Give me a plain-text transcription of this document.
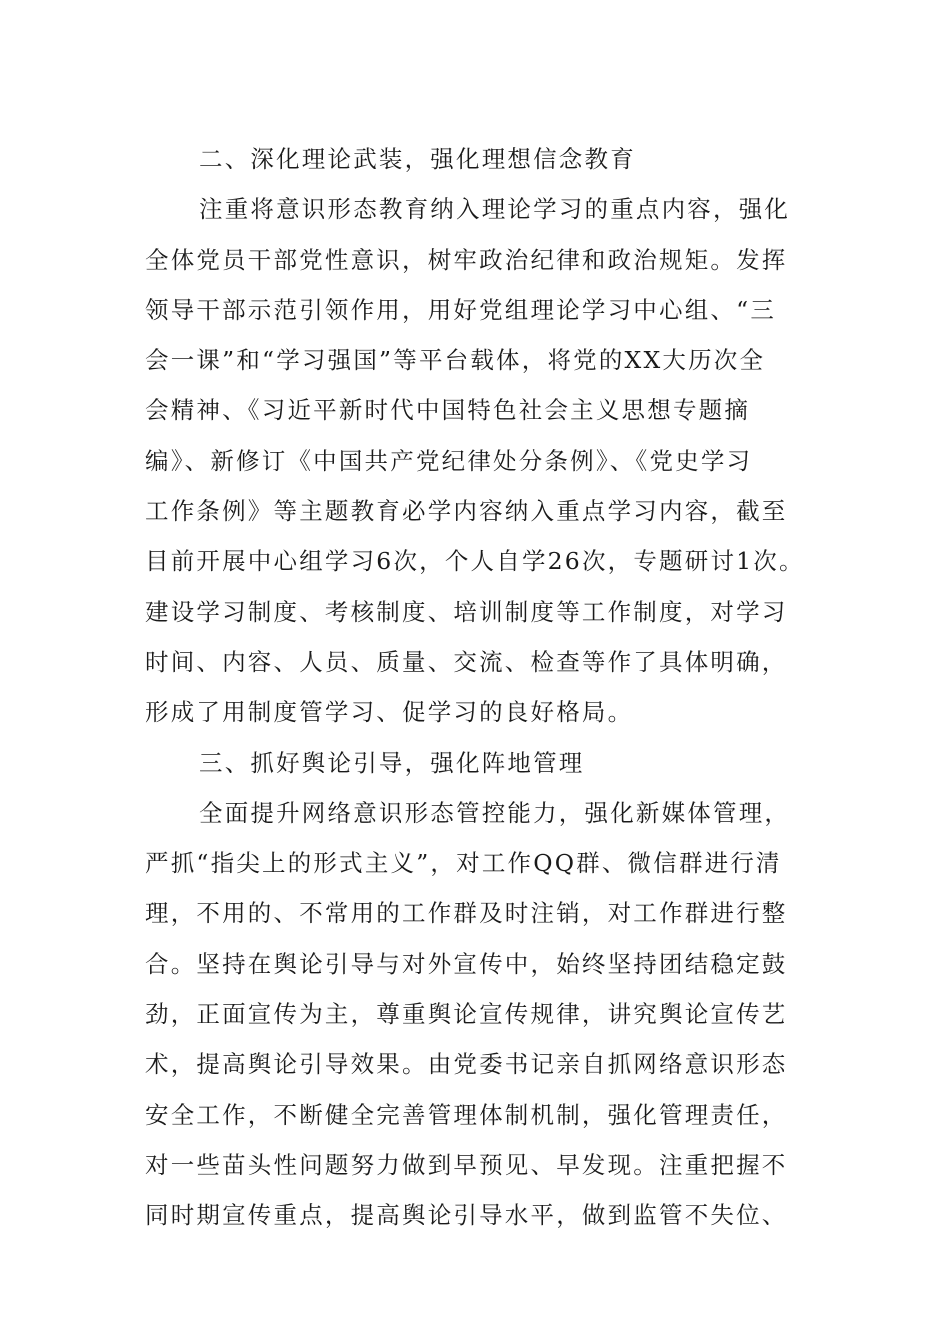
二、深化理论武装，强化理想信念教育
注重将意识形态教育纳入理论学习的重点内容，强化
全体党员干部党性意识，树牢政治纪律和政治规矩。发挥
领导干部示范引领作用，用好党组理论学习中心组、“三
会一课”和“学习强国”等平台载体，将党的XX大历次全
会精神、《习近平新时代中国特色社会主义思想专题摘
编》、新修订《中国共产党纪律处分条例》、《党史学习
工作条例》等主题教育必学内容纳入重点学习内容，截至
目前开展中心组学习6次，个人自学26次，专题研讨1次。
建设学习制度、考核制度、培训制度等工作制度，对学习
时间、内容、人员、质量、交流、检查等作了具体明确，
形成了用制度管学习、促学习的良好格局。
三、抓好舆论引导，强化阵地管理
全面提升网络意识形态管控能力，强化新媒体管理，
严抓“指尖上的形式主义”，对工作QQ群、微信群进行清
理，不用的、不常用的工作群及时注销，对工作群进行整
合。坚持在舆论引导与对外宣传中，始终坚持团结稳定鼓
劲，正面宣传为主，尊重舆论宣传规律，讲究舆论宣传艺
术，提高舆论引导效果。由党委书记亲自抓网络意识形态
安全工作，不断健全完善管理体制机制，强化管理责任，
对一些苗头性问题努力做到早预见、早发现。注重把握不
同时期宣传重点，提高舆论引导水平，做到监管不失位、
